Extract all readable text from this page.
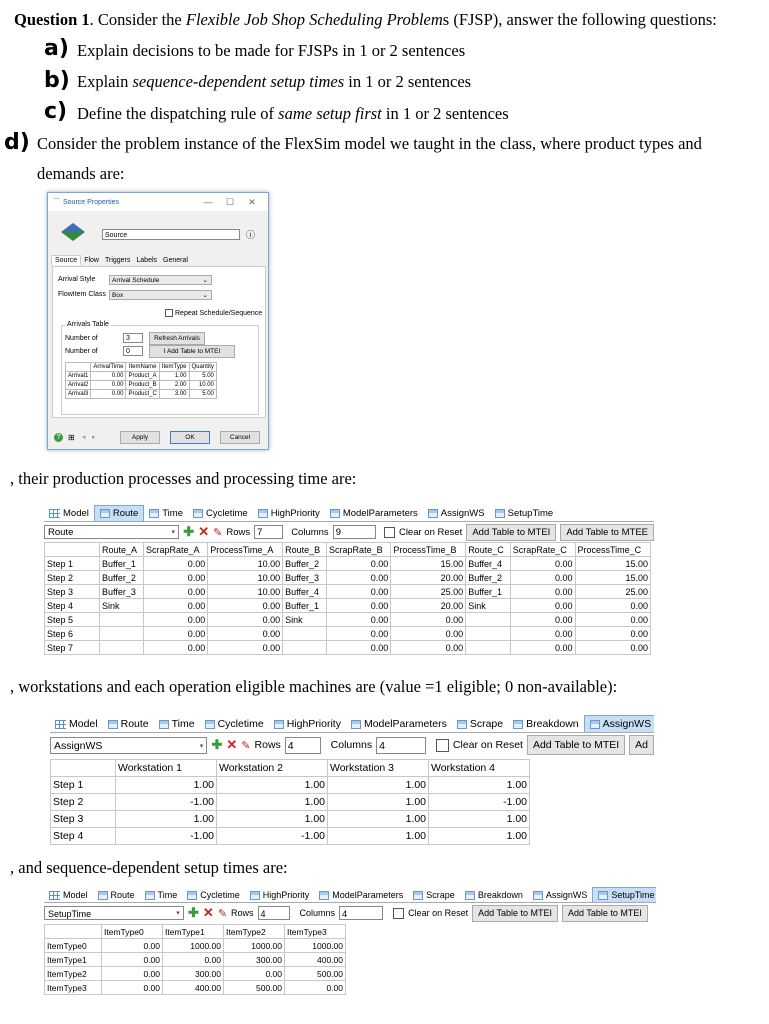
Question 1. Consider the Flexible Job Shop Scheduling Problems (FJSP), answer the following questions:
a) Explain decisions to be made for FJSPs in 1 or 2 sentences
b) Explain sequence-dependent setup times in 1 or 2 sentences
c) Define the dispatching rule of same setup first in 1 or 2 sentences
d) Consider the problem instance of the FlexSim model we taught in the class, where product types and
demands are:
⌒ Source Properties	—	☐	✕
Source	ⓘ
Source Flow Triggers Labels General
Arrival Style	Arrival Schedule	⌄
FlowItem Class Box	⌄
Repeat Schedule/Sequence
Arrivals Table
Number of	3	Refresh Arrivals
Number of	0	I Add Table to MTEI
	ArrivalTime	ItemName	ItemType	Quantity
Arrival1	0.00	Product_A	1.00	5.00
Arrival2	0.00	Product_B	2.00	10.00
Arrival3	0.00	Product_C	3.00	5.00
? ⊞ ◂ ▸	Apply	OK	Cancel
, their production processes and processing time are:
Model	Route	Time Cycletime HighPriority ModelParameters AssignWS SetupTime
Route	▾ ✚ ✕ ✎ Rows 7	Columns 9	Clear on Reset	Add Table to MTEI	Add Table to MTEE
	Route_A	ScrapRate_A	ProcessTime_A	Route_B	ScrapRate_B	ProcessTime_B	Route_C	ScrapRate_C	ProcessTime_C
Step 1	Buffer_1	0.00	10.00	Buffer_2	0.00	15.00	Buffer_4	0.00	15.00
Step 2	Buffer_2	0.00	10.00	Buffer_3	0.00	20.00	Buffer_2	0.00	15.00
Step 3	Buffer_3	0.00	10.00	Buffer_4	0.00	25.00	Buffer_1	0.00	25.00
Step 4	Sink	0.00	0.00	Buffer_1	0.00	20.00	Sink	0.00	0.00
Step 5		0.00	0.00	Sink	0.00	0.00		0.00	0.00
Step 6		0.00	0.00		0.00	0.00		0.00	0.00
Step 7		0.00	0.00		0.00	0.00		0.00	0.00
, workstations and each operation eligible machines are (value =1 eligible; 0 non-available):
Model Route Time Cycletime HighPriority ModelParameters Scrape Breakdown AssignWS
AssignWS	▾ ✚ ✕ ✎ Rows 4	Columns 4	Clear on Reset Add Table to MTEI	Ad
	Workstation 1	Workstation 2	Workstation 3	Workstation 4
Step 1	1.00	1.00	1.00	1.00
Step 2	-1.00	1.00	1.00	-1.00
Step 3	1.00	1.00	1.00	1.00
Step 4	-1.00	-1.00	1.00	1.00
, and sequence-dependent setup times are:
Model	Route	Time	Cycletime	HighPriority	ModelParameters	Scrape	Breakdown	AssignWS	SetupTime
SetupTime	▾ ✚ ✕ ✎ Rows 4	Columns 4	Clear on Reset	Add Table to MTEI	Add Table to MTEI
	ItemType0	ItemType1	ItemType2	ItemType3
ItemType0	0.00	1000.00	1000.00	1000.00
ItemType1	0.00	0.00	300.00	400.00
ItemType2	0.00	300.00	0.00	500.00
ItemType3	0.00	400.00	500.00	0.00
